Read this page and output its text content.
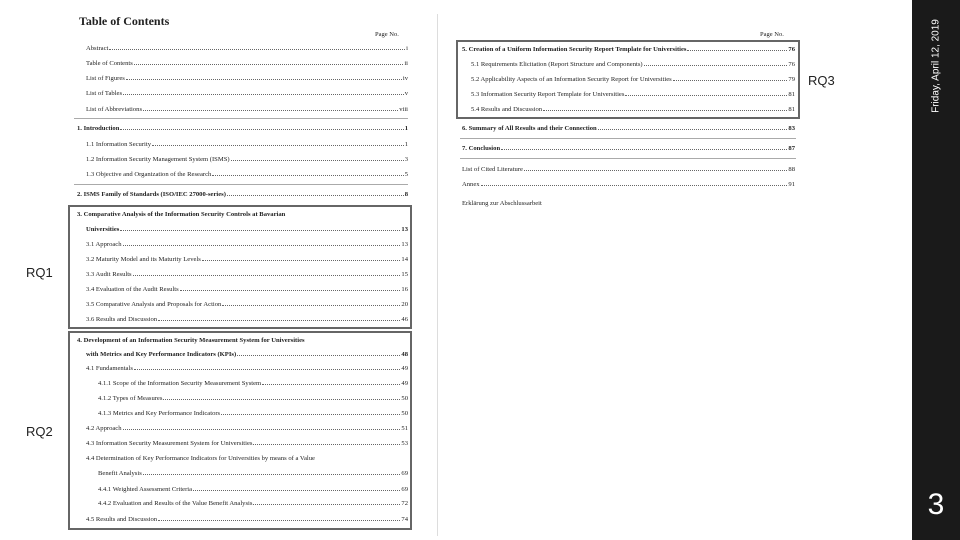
Table of Contents
Page No.	Page No.
Abstract	i
Table of Contents	ii
List of Figures	iv
List of Tables	v
List of Abbreviations	viii
1. Introduction	1
1.1 Information Security	1
1.2 Information Security Management System (ISMS)	3
1.3 Objective and Organization of the Research	5
2. ISMS Family of Standards (ISO/IEC 27000-series)	8
3. Comparative Analysis of the Information Security Controls at Bavarian
Universities	13
3.1 Approach	13
3.2 Maturity Model and its Maturity Levels	14
3.3 Audit Results	15
3.4 Evaluation of the Audit Results	16
3.5 Comparative Analysis and Proposals for Action	20
3.6 Results and Discussion	46
4. Development of an Information Security Measurement System for Universities
with Metrics and Key Performance Indicators (KPIs)	48
4.1 Fundamentals	49
4.1.1 Scope of the Information Security Measurement System	49
4.1.2 Types of Measures	50
4.1.3 Metrics and Key Performance Indicators	50
4.2 Approach	51
4.3 Information Security Measurement System for Universities	53
4.4 Determination of Key Performance Indicators for Universities by means of a Value
Benefit Analysis	69
4.4.1 Weighted Assessment Criteria	69
4.4.2 Evaluation and Results of the Value Benefit Analysis	72
4.5 Results and Discussion	74
5. Creation of a Uniform Information Security Report Template for Universities	76
5.1 Requirements Elicitation (Report Structure and Components)	76
5.2 Applicability Aspects of an Information Security Report for Universities	79
5.3 Information Security Report Template for Universities	81
5.4 Results and Discussion	81
6. Summary of All Results and their Connection	83
7. Conclusion	87
List of Cited Literature	88
Annex	91
Erklärung zur Abschlussarbeit
RQ1
RQ2
RQ3	Friday, April 12, 2019
3
